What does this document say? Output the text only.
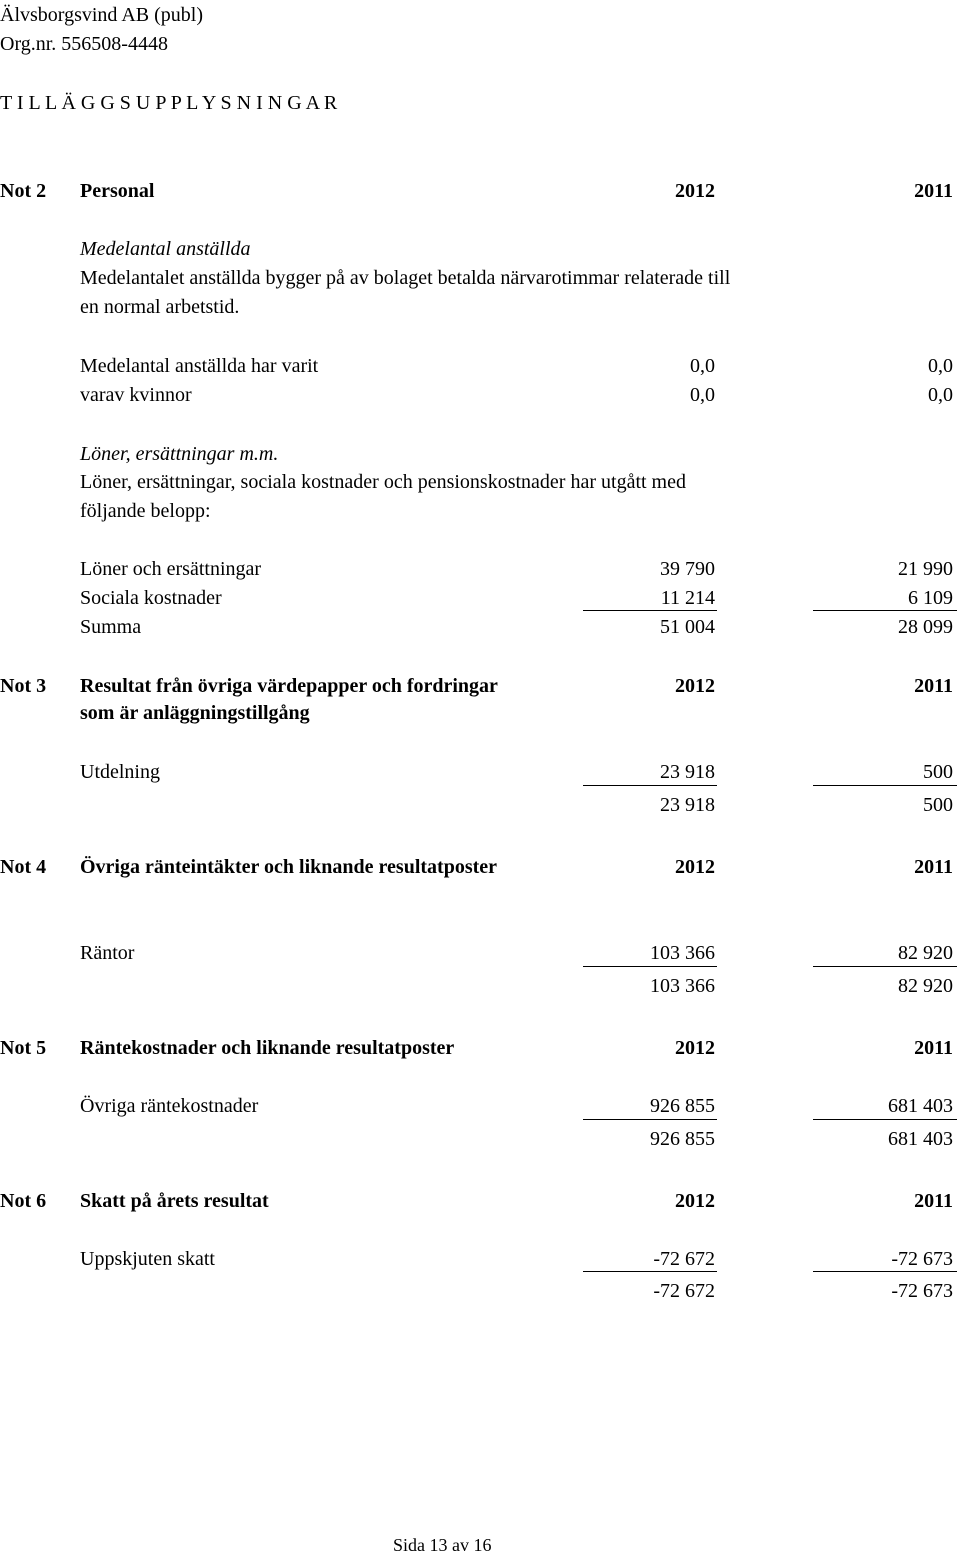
Älvsborgsvind AB (publ)
Org.nr. 556508-4448
T I L L Ä G G S U P P L Y S N I N G A R
Not 2 Personal	2012	2011
Medelantal anställda
Medelantalet anställda bygger på av bolaget betalda närvarotimmar relaterade till
en normal arbetstid.
Medelantal anställda har varit	0,0	0,0
varav kvinnor	0,0	0,0
Löner, ersättningar m.m.
Löner, ersättningar, sociala kostnader och pensionskostnader har utgått med
följande belopp:
Löner och ersättningar	39 790	21 990
Sociala kostnader	11 214	6 109
Summa	51 004	28 099
Not 3 Resultat från övriga värdepapper och fordringar
som är anläggningstillgång
2012	2011
Utdelning	23 918	500
23 918	500
Not 4 Övriga ränteintäkter och liknande resultatposter	2012	2011
Räntor	103 366	82 920
103 366	82 920
Not 5 Räntekostnader och liknande resultatposter	2012	2011
Övriga räntekostnader	926 855	681 403
926 855	681 403
Not 6 Skatt på årets resultat	2012	2011
Uppskjuten skatt	-72 672	-72 673
-72 672	-72 673
Sida 13 av 16
